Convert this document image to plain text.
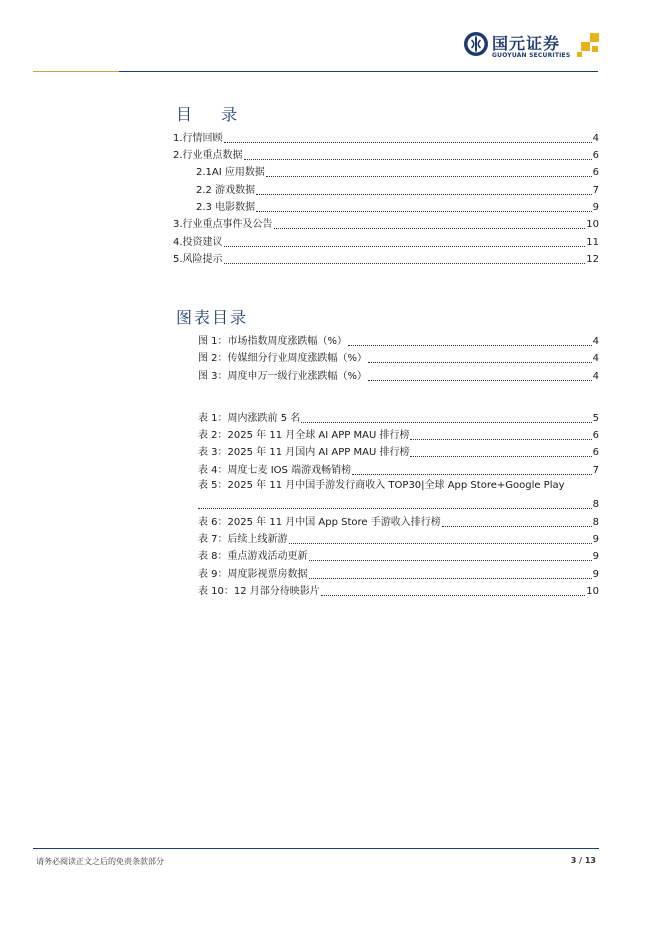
国元证券
GUOYUAN SECURITIES
目 录
1.行情回顾	4
2.行业重点数据	6
2.1AI 应用数据	6
2.2 游戏数据	7
2.3 电影数据	9
3.行业重点事件及公告	10
4.投资建议	11
5.风险提示	12
图表目录
图 1：市场指数周度涨跌幅（%）	4
图 2：传媒细分行业周度涨跌幅（%）	4
图 3：周度申万一级行业涨跌幅（%）	4
表 1：周内涨跌前 5 名	5
表 2：2025 年 11 月全球 AI APP MAU 排行榜	6
表 3：2025 年 11 月国内 AI APP MAU 排行榜	6
表 4：周度七麦 IOS 端游戏畅销榜	7
表 5：2025 年 11 月中国手游发行商收入 TOP30|全球 App Store+Google Play
8
表 6：2025 年 11 月中国 App Store 手游收入排行榜	8
表 7：后续上线新游	9
表 8：重点游戏活动更新	9
表 9：周度影视票房数据	9
表 10：12 月部分待映影片	10
请务必阅读正文之后的免责条款部分	3 / 13
